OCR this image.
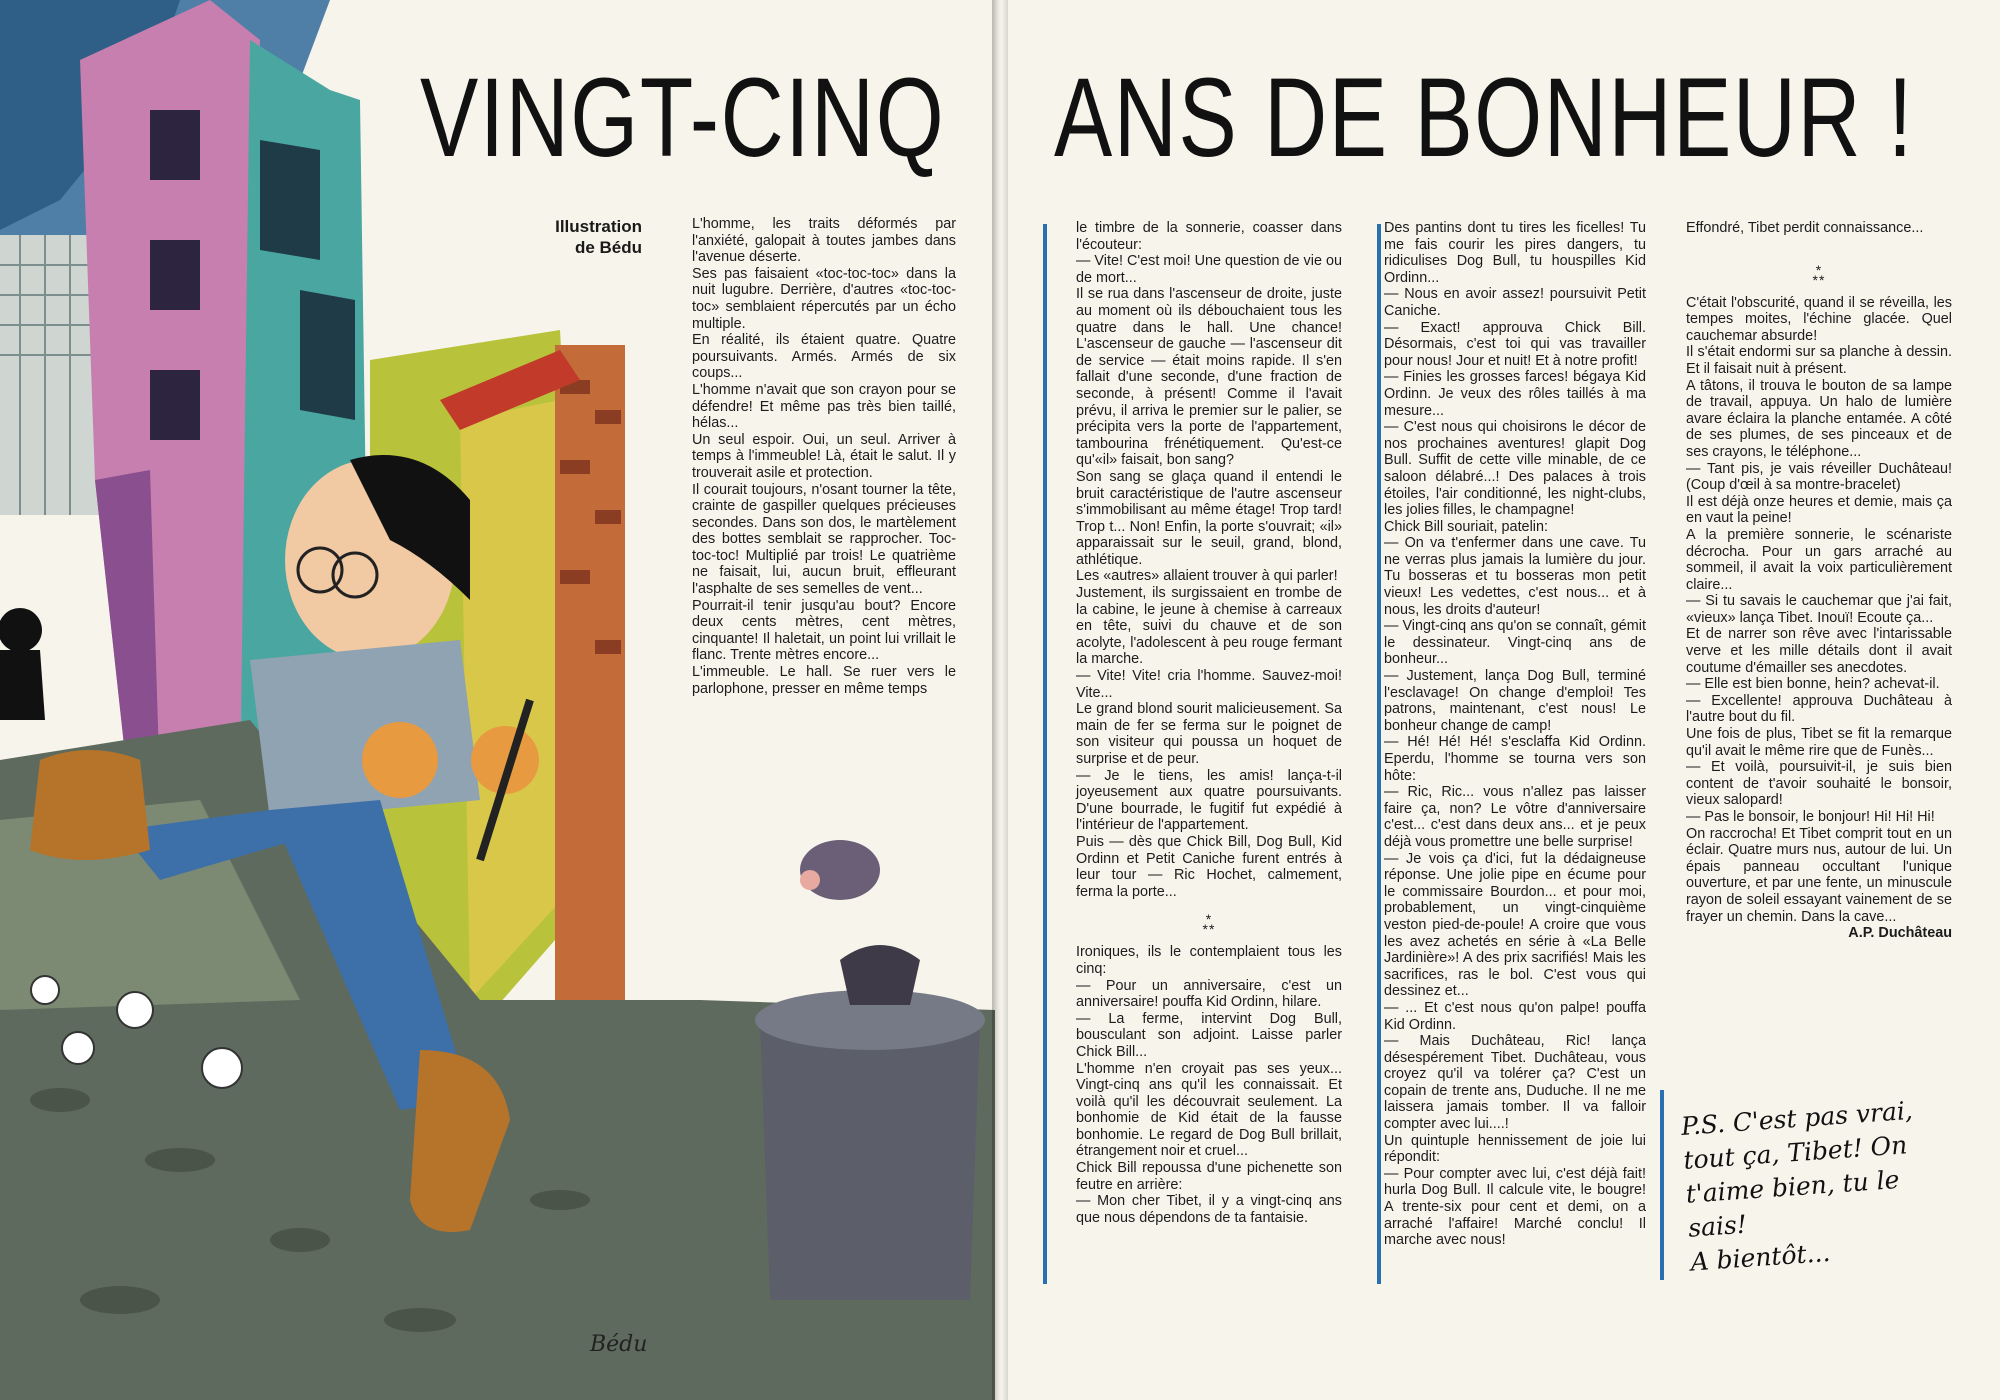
Bédu
VINGT-CINQ ANS DE BONHEUR !
Illustration
de Bédu

L'homme, les traits déformés par l'anxiété, galopait à toutes jambes dans l'avenue déserte.

Ses pas faisaient «toc-toc-toc» dans la nuit lugubre. Derrière, d'autres «toc-toc-toc» semblaient répercutés par un écho multiple.

En réalité, ils étaient quatre. Quatre poursuivants. Armés. Armés de six coups...

L'homme n'avait que son crayon pour se défendre! Et même pas très bien taillé, hélas...

Un seul espoir. Oui, un seul. Arriver à temps à l'immeuble! Là, était le salut. Il y trouverait asile et protection.

Il courait toujours, n'osant tourner la tête, crainte de gaspiller quelques précieuses secondes. Dans son dos, le martèlement des bottes semblait se rapprocher. Toc-toc-toc! Multiplié par trois! Le quatrième ne faisait, lui, aucun bruit, effleurant l'asphalte de ses semelles de vent...

Pourrait-il tenir jusqu'au bout? Encore deux cents mètres, cent mètres, cinquante! Il haletait, un point lui vrillait le flanc. Trente mètres encore...

L'immeuble. Le hall. Se ruer vers le parlophone, presser en même temps

le timbre de la sonnerie, coasser dans l'écouteur:

— Vite! C'est moi! Une question de vie ou de mort...

Il se rua dans l'ascenseur de droite, juste au moment où ils débouchaient tous les quatre dans le hall. Une chance! L'ascenseur de gauche — l'ascenseur dit de service — était moins rapide. Il s'en fallait d'une seconde, d'une fraction de seconde, à présent! Comme il l'avait prévu, il arriva le premier sur le palier, se précipita vers la porte de l'appartement, tambourina frénétiquement. Qu'est-ce qu'«il» faisait, bon sang?

Son sang se glaça quand il entendi le bruit caractéristique de l'autre ascenseur s'immobilisant au même étage! Trop tard! Trop t... Non! Enfin, la porte s'ouvrait; «il» apparaissait sur le seuil, grand, blond, athlétique.

Les «autres» allaient trouver à qui parler!

Justement, ils surgissaient en trombe de la cabine, le jeune à chemise à carreaux en tête, suivi du chauve et de son acolyte, l'adolescent à peu rouge fermant la marche.

— Vite! Vite! cria l'homme. Sauvez-moi! Vite...

Le grand blond sourit malicieusement. Sa main de fer se ferma sur le poignet de son visiteur qui poussa un hoquet de surprise et de peur.

— Je le tiens, les amis! lança-t-il joyeusement aux quatre poursuivants. D'une bourrade, le fugitif fut expédié à l'intérieur de l'appartement.

Puis — dès que Chick Bill, Dog Bull, Kid Ordinn et Petit Caniche furent entrés à leur tour — Ric Hochet, calmement, ferma la porte...

*
**

Ironiques, ils le contemplaient tous les cinq:

— Pour un anniversaire, c'est un anniversaire! pouffa Kid Ordinn, hilare.

— La ferme, intervint Dog Bull, bousculant son adjoint. Laisse parler Chick Bill...

L'homme n'en croyait pas ses yeux... Vingt-cinq ans qu'il les connaissait. Et voilà qu'il les découvrait seulement. La bonhomie de Kid était de la fausse bonhomie. Le regard de Dog Bull brillait, étrangement noir et cruel...

Chick Bill repoussa d'une pichenette son feutre en arrière:

— Mon cher Tibet, il y a vingt-cinq ans que nous dépendons de ta fantaisie.

Des pantins dont tu tires les ficelles! Tu me fais courir les pires dangers, tu ridiculises Dog Bull, tu houspilles Kid Ordinn...

— Nous en avoir assez! poursuivit Petit Caniche.

— Exact! approuva Chick Bill. Désormais, c'est toi qui vas travailler pour nous! Jour et nuit! Et à notre profit!

— Finies les grosses farces! bégaya Kid Ordinn. Je veux des rôles taillés à ma mesure...

— C'est nous qui choisirons le décor de nos prochaines aventures! glapit Dog Bull. Suffit de cette ville minable, de ce saloon délabré...! Des palaces à trois étoiles, l'air conditionné, les night-clubs, les jolies filles, le champagne!

Chick Bill souriait, patelin:

— On va t'enfermer dans une cave. Tu ne verras plus jamais la lumière du jour. Tu bosseras et tu bosseras mon petit vieux! Les vedettes, c'est nous... et à nous, les droits d'auteur!

— Vingt-cinq ans qu'on se connaît, gémit le dessinateur. Vingt-cinq ans de bonheur...

— Justement, lança Dog Bull, terminé l'esclavage! On change d'emploi! Tes patrons, maintenant, c'est nous! Le bonheur change de camp!

— Hé! Hé! Hé! s'esclaffa Kid Ordinn. Eperdu, l'homme se tourna vers son hôte:

— Ric, Ric... vous n'allez pas laisser faire ça, non? Le vôtre d'anniversaire c'est... c'est dans deux ans... et je peux déjà vous promettre une belle surprise!

— Je vois ça d'ici, fut la dédaigneuse réponse. Une jolie pipe en écume pour le commissaire Bourdon... et pour moi, probablement, un vingt-cinquième veston pied-de-poule! A croire que vous les avez achetés en série à «La Belle Jardinière»! A des prix sacrifiés! Mais les sacrifices, ras le bol. C'est vous qui dessinez et...

— ... Et c'est nous qu'on palpe! pouffa Kid Ordinn.

— Mais Duchâteau, Ric! lança désespérement Tibet. Duchâteau, vous croyez qu'il va tolérer ça? C'est un copain de trente ans, Duduche. Il ne me laissera jamais tomber. Il va falloir compter avec lui....!

Un quintuple hennissement de joie lui répondit:

— Pour compter avec lui, c'est déjà fait! hurla Dog Bull. Il calcule vite, le bougre! A trente-six pour cent et demi, on a arraché l'affaire! Marché conclu! Il marche avec nous!

Effondré, Tibet perdit connaissance...

*
**

C'était l'obscurité, quand il se réveilla, les tempes moites, l'échine glacée. Quel cauchemar absurde!

Il s'était endormi sur sa planche à dessin. Et il faisait nuit à présent.

A tâtons, il trouva le bouton de sa lampe de travail, appuya. Un halo de lumière avare éclaira la planche entamée. A côté de ses plumes, de ses pinceaux et de ses crayons, le téléphone...

— Tant pis, je vais réveiller Duchâteau! (Coup d'œil à sa montre-bracelet)

Il est déjà onze heures et demie, mais ça en vaut la peine!

A la première sonnerie, le scénariste décrocha. Pour un gars arraché au sommeil, il avait la voix particulièrement claire...

— Si tu savais le cauchemar que j'ai fait, «vieux» lança Tibet. Inouï! Ecoute ça...

Et de narrer son rêve avec l'intarissable verve et les mille détails dont il avait coutume d'émailler ses anecdotes.

— Elle est bien bonne, hein? achevat-il.

— Excellente! approuva Duchâteau à l'autre bout du fil.

Une fois de plus, Tibet se fit la remarque qu'il avait le même rire que de Funès...

— Et voilà, poursuivit-il, je suis bien content de t'avoir souhaité le bonsoir, vieux salopard!

— Pas le bonsoir, le bonjour! Hi! Hi! Hi!

On raccrocha! Et Tibet comprit tout en un éclair. Quatre murs nus, autour de lui. Un épais panneau occultant l'unique ouverture, et par une fente, un minuscule rayon de soleil essayant vainement de se frayer un chemin. Dans la cave...

A.P. Duchâteau

P.S. C'est pas vrai,
tout ça, Tibet! On
t'aime bien, tu le
sais!
A bientôt...
